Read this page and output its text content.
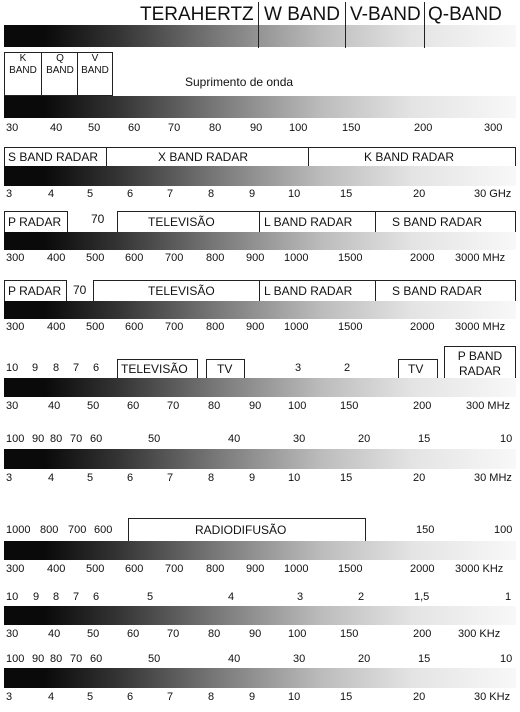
TERAHERTZ W BAND V-BAND Q-BAND
K
BAND
Q
BAND
V
BAND
Suprimento de onda
30	40 50	60	70	80	90 100	150	200	300
S BAND RADAR	X BAND RADAR	K BAND RADAR
3	4	5	6	7	8	9	10	15	20	30 GHz
P RADAR 70	TELEVISÃO	L BAND RADAR	S BAND RADAR
300 400 500 600 700 800 900 1000	1500	2000 3000 MHz
P RADAR 70	TELEVISÃO	L BAND RADAR	S BAND RADAR
300 400 500 600 700 800 900 1000	1500	2000 3000 MHz
10 9 8 7 6	3	2
TELEVISÃO TV	TV
P BAND
RADAR
30	40 50	60	70	80	90 100	150	200	300 MHz
100 90 80 70 60	50	40	30	20	15	10
3	4	5	6	7	8	9	10	15	20	30 MHz
1000 800 700 600	150	100
RADIODIFUSÃO
300 400 500 600 700 800 900 1000	1500	2000 3000 KHz
10 9 8 7 6	5	4	3	2	1,5	1
30	40 50	60	70	80	90 100	150	200 300 KHz
100 90 80 70 60	50	40	30	20	15	10
3	4	5	6	7	8	9	10	15	20	30 KHz
